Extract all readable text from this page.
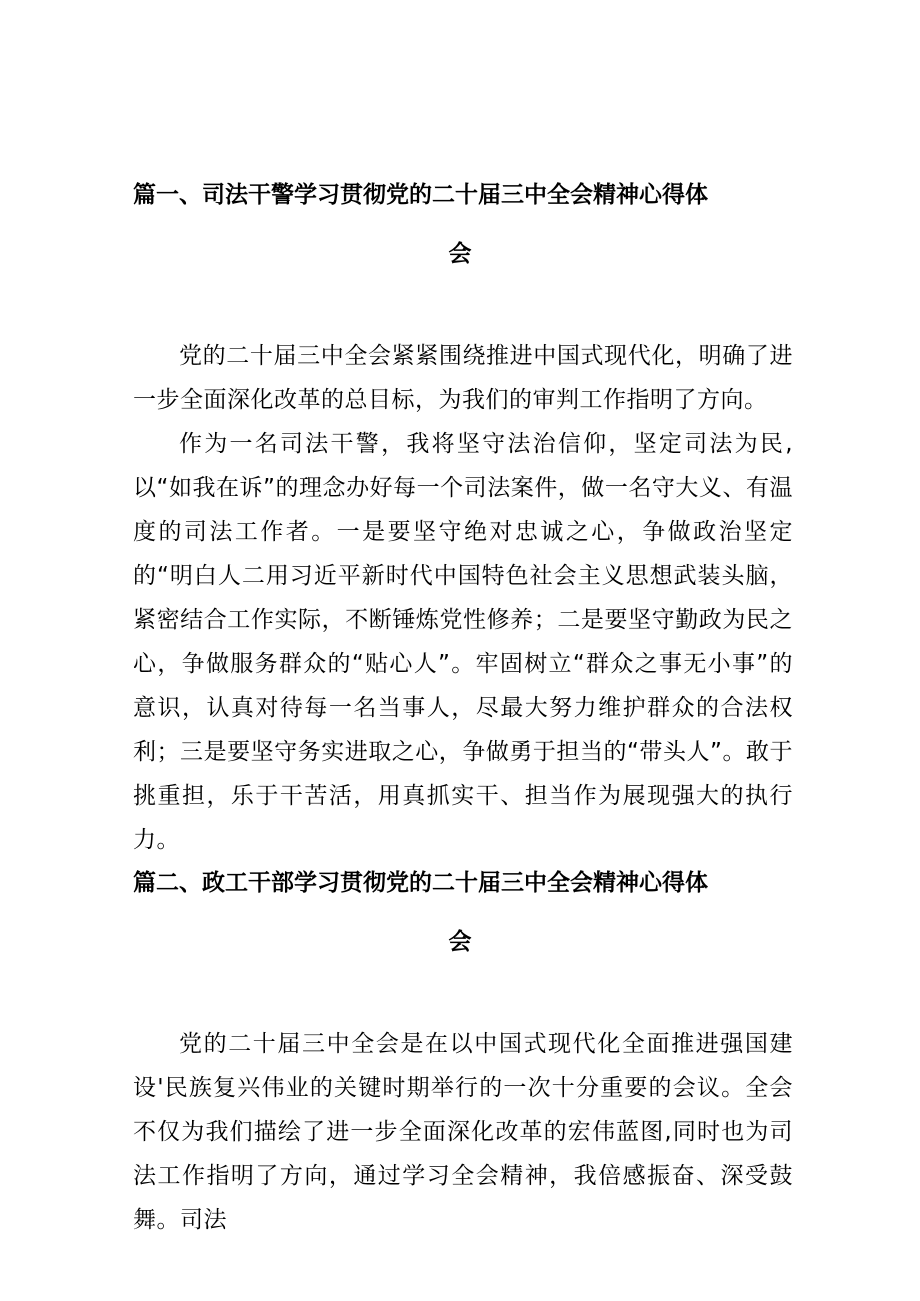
篇一、司法干警学习贯彻党的二十届三中全会精神心得体
会
党的二十届三中全会紧紧围绕推进中国式现代化，明确了进一步全面深化改革的总目标，为我们的审判工作指明了方向。
作为一名司法干警，我将坚守法治信仰，坚定司法为民,以“如我在诉”的理念办好每一个司法案件，做一名守大义、有温度的司法工作者。一是要坚守绝对忠诚之心，争做政治坚定的“明白人二用习近平新时代中国特色社会主义思想武装头脑，紧密结合工作实际，不断锤炼党性修养；二是要坚守勤政为民之心，争做服务群众的“贴心人”。牢固树立“群众之事无小事”的意识，认真对待每一名当事人，尽最大努力维护群众的合法权利；三是要坚守务实进取之心，争做勇于担当的“带头人”。敢于挑重担，乐于干苦活，用真抓实干、担当作为展现强大的执行力。
篇二、政工干部学习贯彻党的二十届三中全会精神心得体
会
党的二十届三中全会是在以中国式现代化全面推进强国建设'民族复兴伟业的关键时期举行的一次十分重要的会议。全会不仅为我们描绘了进一步全面深化改革的宏伟蓝图,同时也为司法工作指明了方向，通过学习全会精神，我倍感振奋、深受鼓舞。司法
